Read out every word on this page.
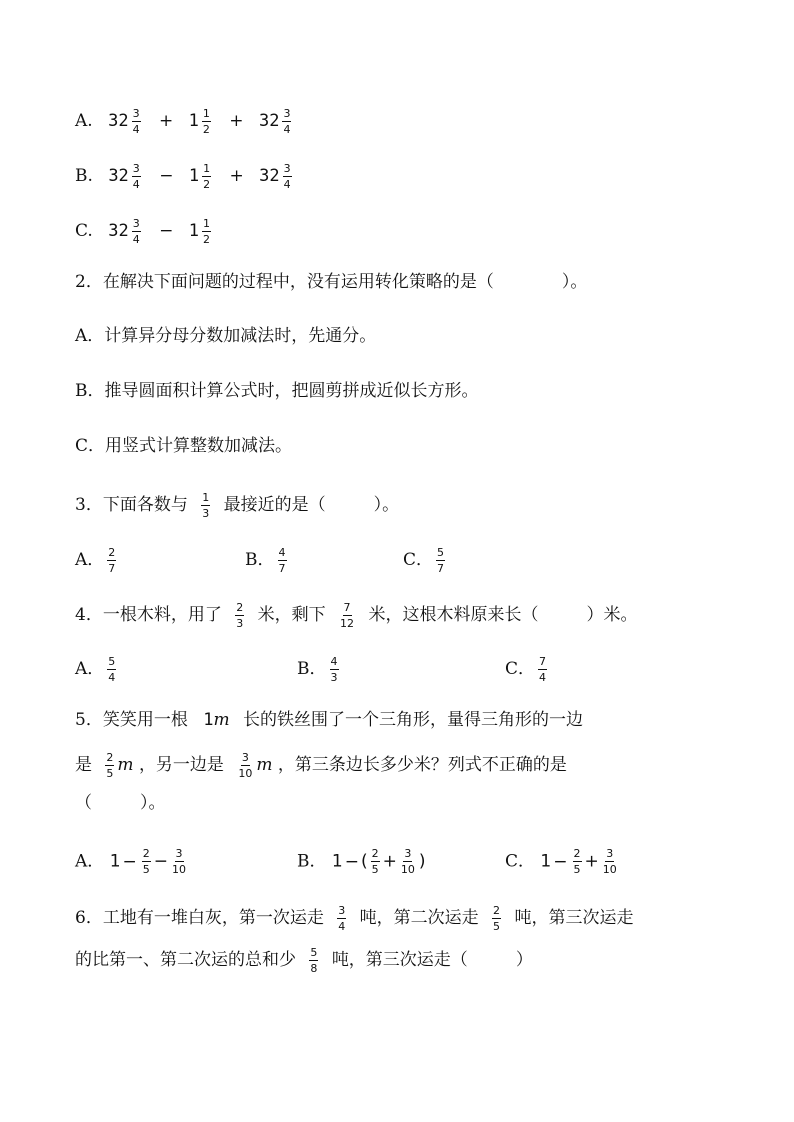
A. $32 \frac{3}{4} + 1 \frac{1}{2} + 32 \frac{3}{4}$
B. $32 \frac{3}{4} - 1 \frac{1}{2} + 32 \frac{3}{4}$
C. $32 \frac{3}{4} - 1 \frac{1}{2}$
2．在解决下面问题的过程中，没有运用转化策略的是（	）。
A．计算异分母分数加减法时，先通分。
B．推导圆面积计算公式时，把圆剪拼成近似长方形。
C．用竖式计算整数加减法。
3．下面各数与 $\frac{1}{3}$ 最接近的是（	）。
A． $\frac{2}{7}$	B． $\frac{4}{7}$	C． $\frac{5}{7}$
4．一根木料，用了 $\frac{2}{3}$ 米，剩下 $\frac{7}{12}$ 米，这根木料原来长（	）米。
A． $\frac{5}{4}$	B． $\frac{4}{3}$	C． $\frac{7}{4}$
5．笑笑用一根 1m 长的铁丝围了一个三角形，量得三角形的一边
是 $\frac{2}{5}$ m ，另一边是 $\frac{3}{10}$ m ，第三条边长多少米？列式不正确的是
（	）。
A． $1 - \frac{2}{5} - \frac{3}{10}$	B． 1 − ( $\frac{2}{5} + \frac{3}{10}$ )	C． $1 - \frac{2}{5} + \frac{3}{10}$
6．工地有一堆白灰，第一次运走 $\frac{3}{4}$ 吨，第二次运走 $\frac{2}{5}$ 吨，第三次运走
的比第一、第二次运的总和少 $\frac{5}{8}$ 吨，第三次运走（	）
